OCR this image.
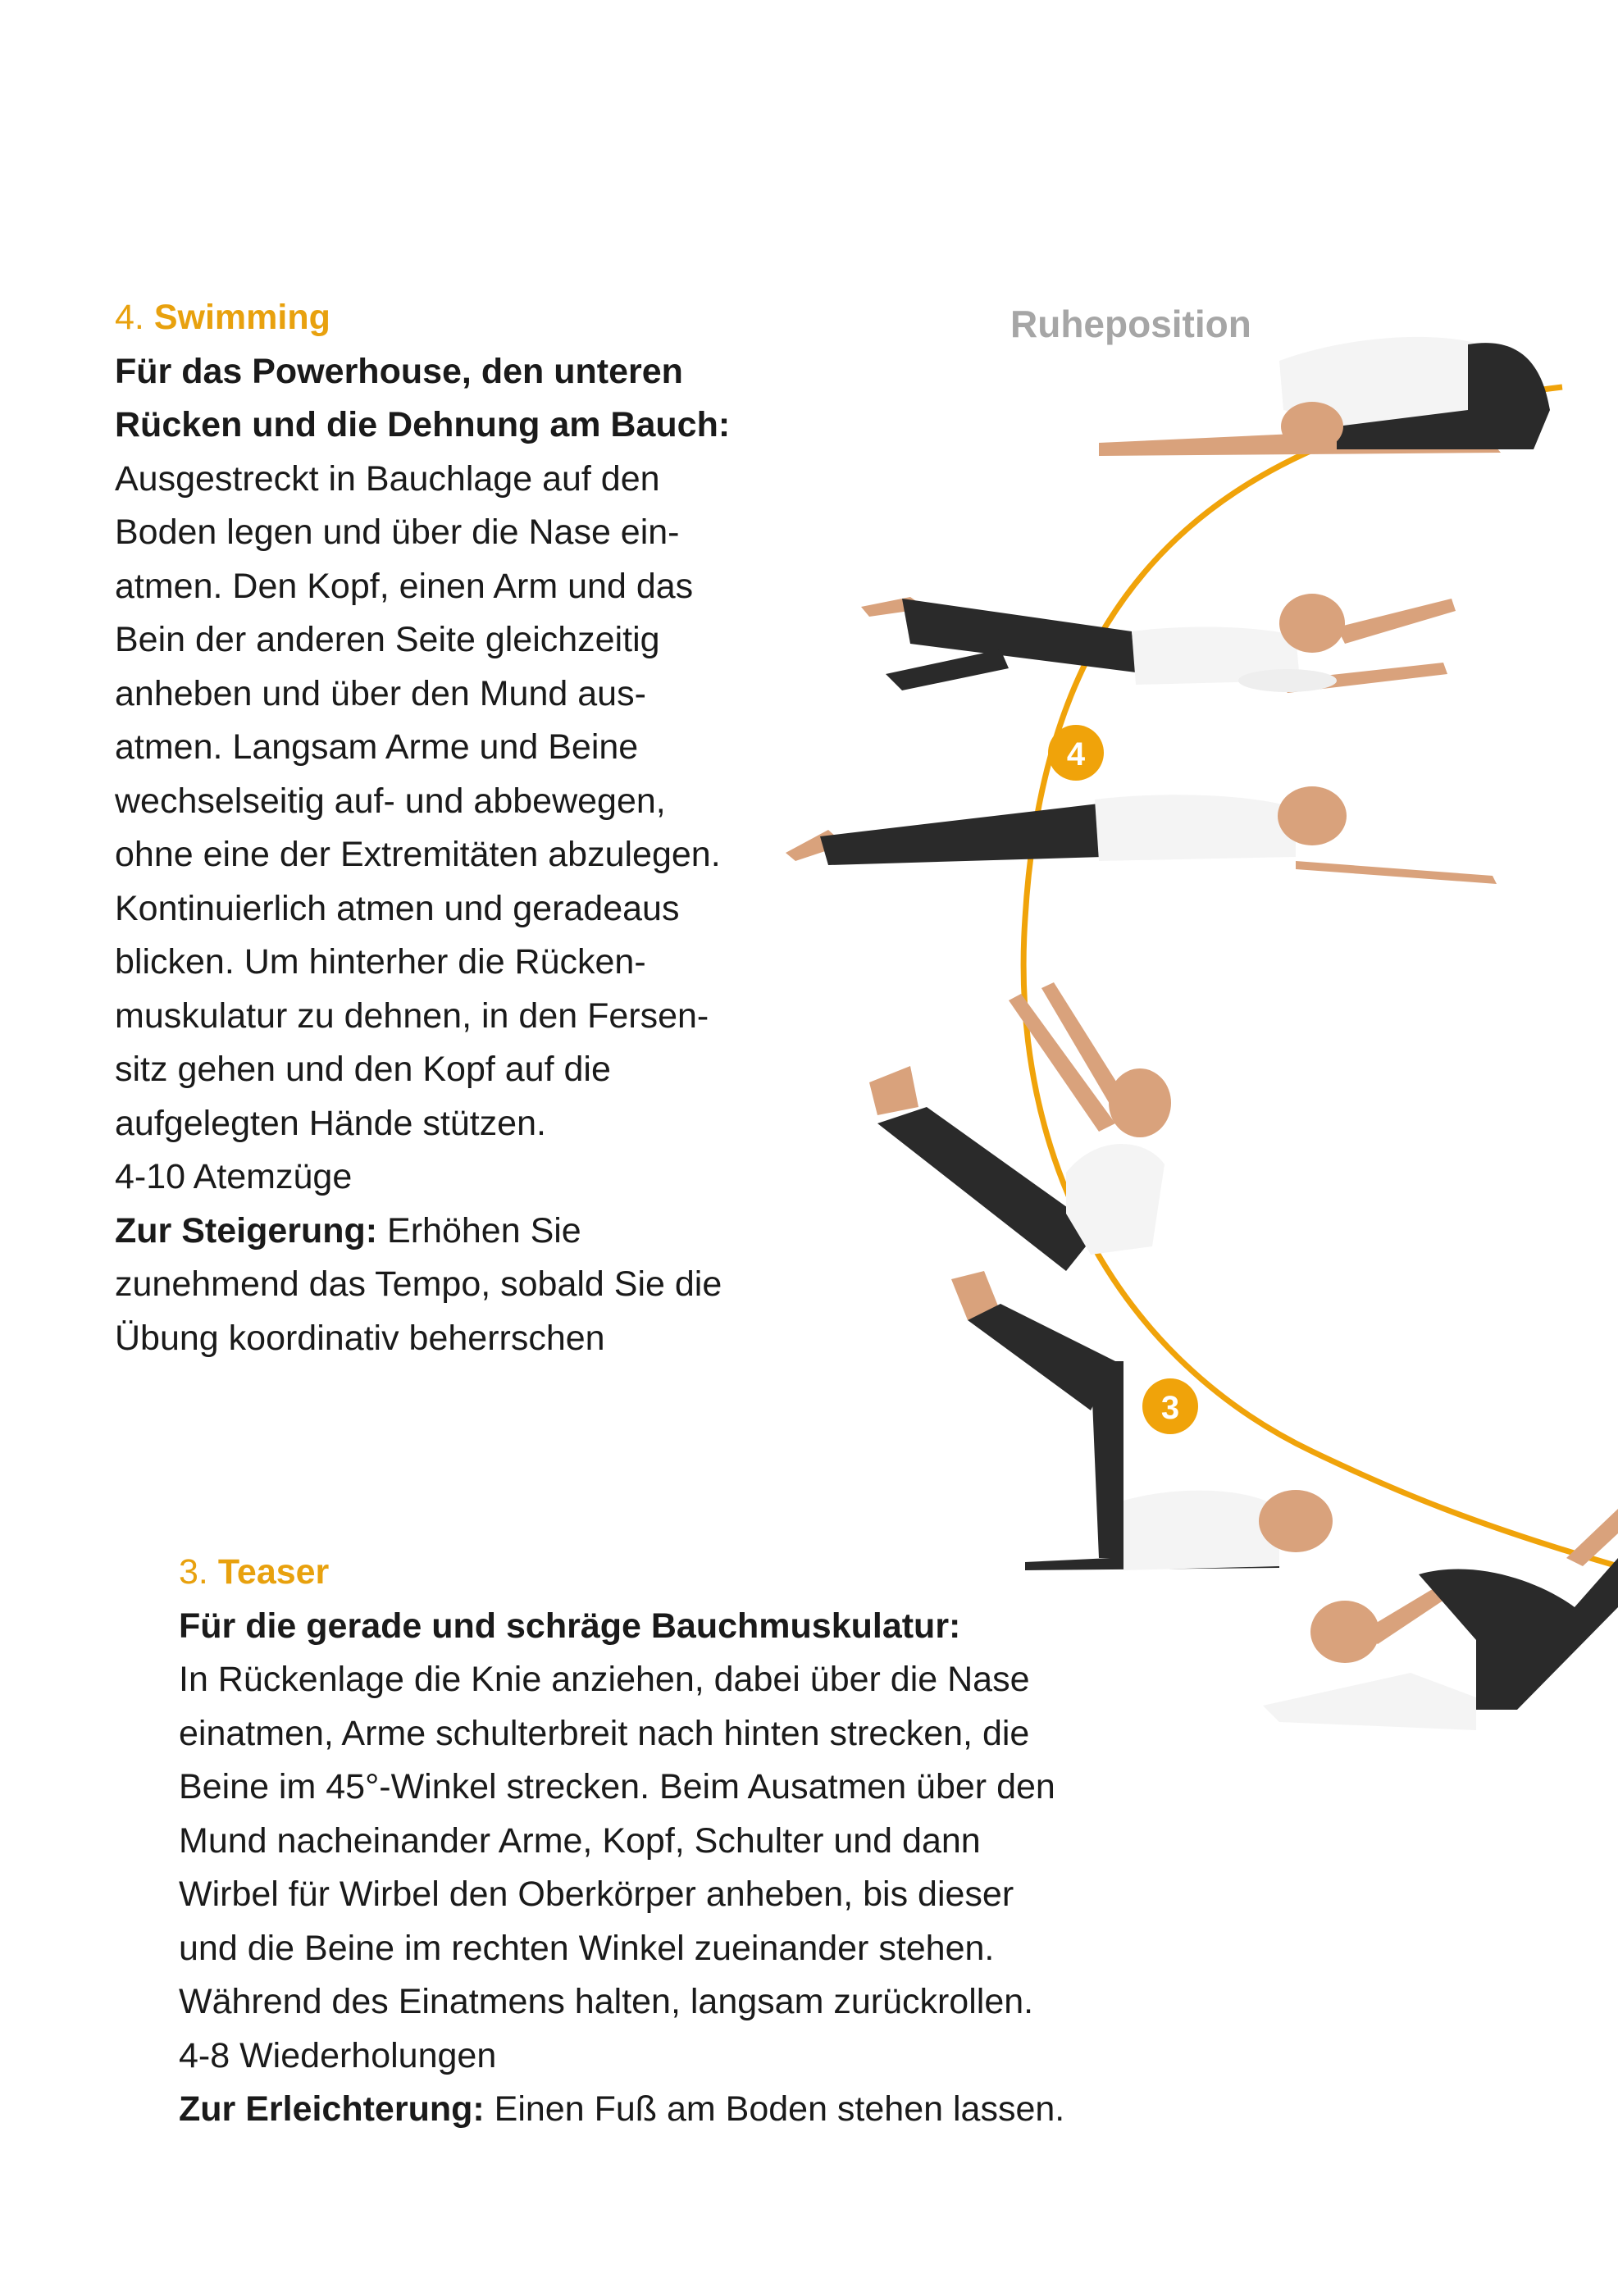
4
3
Ruheposition

4. Swimming

Für das Powerhouse, den unteren

Rücken und die Dehnung am Bauch:

Ausgestreckt in Bauchlage auf den

Boden legen und über die Nase ein-

atmen. Den Kopf, einen Arm und das

Bein der anderen Seite gleichzeitig

anheben und über den Mund aus-

atmen. Langsam Arme und Beine

wechselseitig auf- und abbewegen,

ohne eine der Extremitäten abzulegen.

Kontinuierlich atmen und geradeaus

blicken. Um hinterher die Rücken-

muskulatur zu dehnen, in den Fersen-

sitz gehen und den Kopf auf die

aufgelegten Hände stützen.

4-10 Atemzüge

Zur Steigerung: Erhöhen Sie

zunehmend das Tempo, sobald Sie die

Übung koordinativ beherrschen

3. Teaser

Für die gerade und schräge Bauchmuskulatur:

In Rückenlage die Knie anziehen, dabei über die Nase

einatmen, Arme schulterbreit nach hinten strecken, die

Beine im 45°-Winkel strecken. Beim Ausatmen über den

Mund nacheinander Arme, Kopf, Schulter und dann

Wirbel für Wirbel den Oberkörper anheben, bis dieser

und die Beine im rechten Winkel zueinander stehen.

Während des Einatmens halten, langsam zurückrollen.

4-8 Wiederholungen

Zur Erleichterung: Einen Fuß am Boden stehen lassen.
